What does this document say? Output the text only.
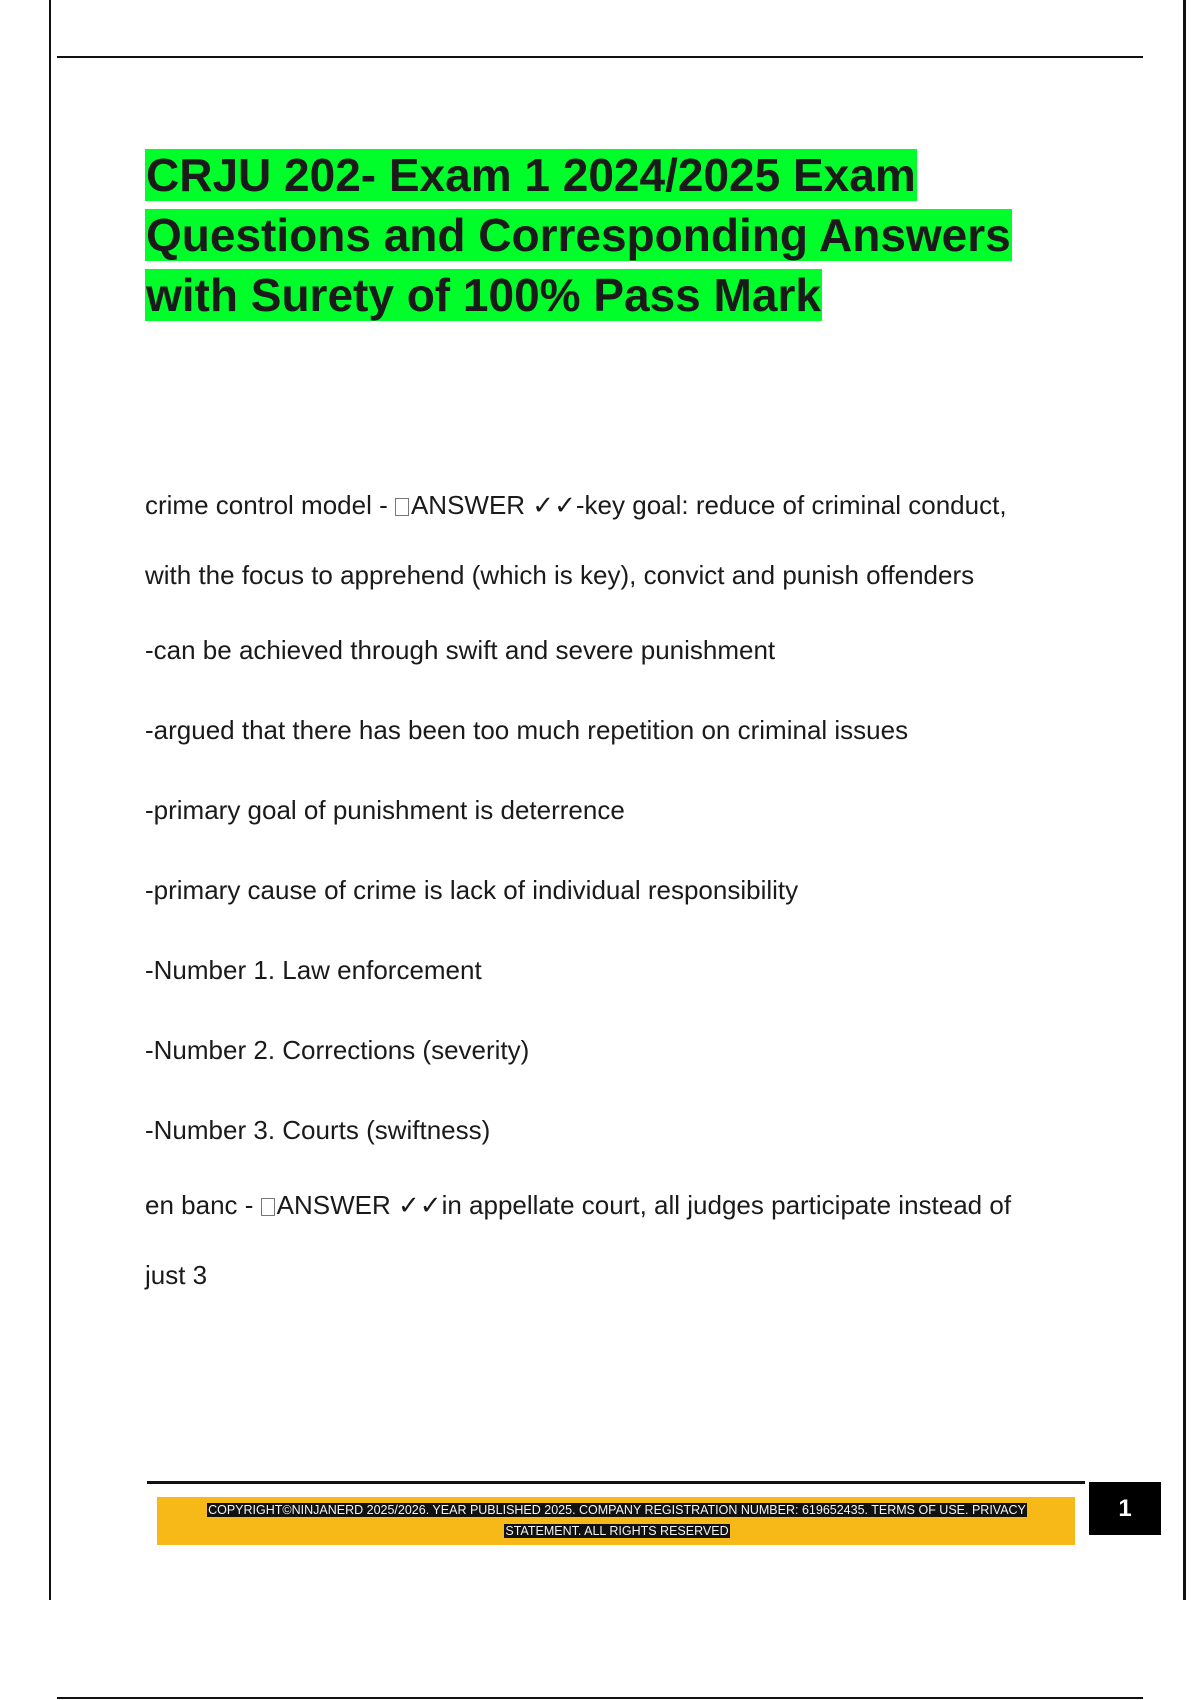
CRJU 202- Exam 1 2024/2025 Exam
Questions and Corresponding Answers
with Surety of 100% Pass Mark

crime control model - ANSWER ✓✓-key goal: reduce of criminal conduct,
with the focus to apprehend (which is key), convict and punish offenders

-can be achieved through swift and severe punishment

-argued that there has been too much repetition on criminal issues

-primary goal of punishment is deterrence

-primary cause of crime is lack of individual responsibility

-Number 1. Law enforcement

-Number 2. Corrections (severity)

-Number 3. Courts (swiftness)

en banc - ANSWER ✓✓in appellate court, all judges participate instead of
just 3

COPYRIGHT©NINJANERD 2025/2026. YEAR PUBLISHED 2025. COMPANY REGISTRATION NUMBER: 619652435. TERMS OF USE. PRIVACY
STATEMENT. ALL RIGHTS RESERVED
1
